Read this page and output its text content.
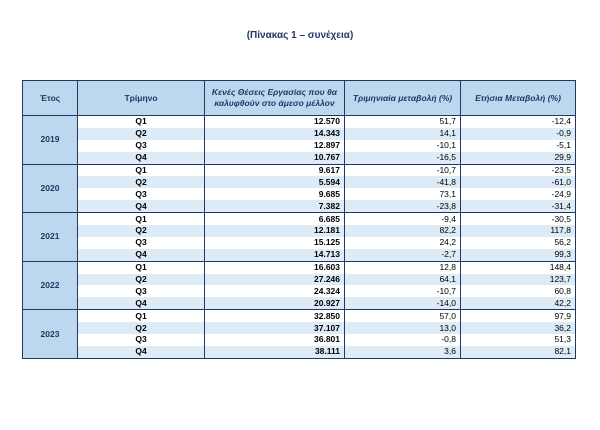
(Πίνακας 1 – συνέχεια)
Έτος	Τρίμηνο	Κενές Θέσεις Εργασίας που θα καλυφθούν στο άμεσο μέλλον	Τριμηνιαία μεταβολή (%)	Ετήσια Μεταβολή (%)
2019	Q1	12.570	51,7	-12,4
	Q2	14.343	14,1	-0,9
	Q3	12.897	-10,1	-5,1
	Q4	10.767	-16,5	29,9
2020	Q1	9.617	-10,7	-23,5
	Q2	5.594	-41,8	-61,0
	Q3	9.685	73,1	-24,9
	Q4	7.382	-23,8	-31,4
2021	Q1	6.685	-9,4	-30,5
	Q2	12.181	82,2	117,8
	Q3	15.125	24,2	56,2
	Q4	14.713	-2,7	99,3
2022	Q1	16.603	12,8	148,4
	Q2	27.246	64,1	123,7
	Q3	24.324	-10,7	60,8
	Q4	20.927	-14,0	42,2
2023	Q1	32.850	57,0	97,9
	Q2	37.107	13,0	36,2
	Q3	36.801	-0,8	51,3
	Q4	38.111	3,6	82,1
